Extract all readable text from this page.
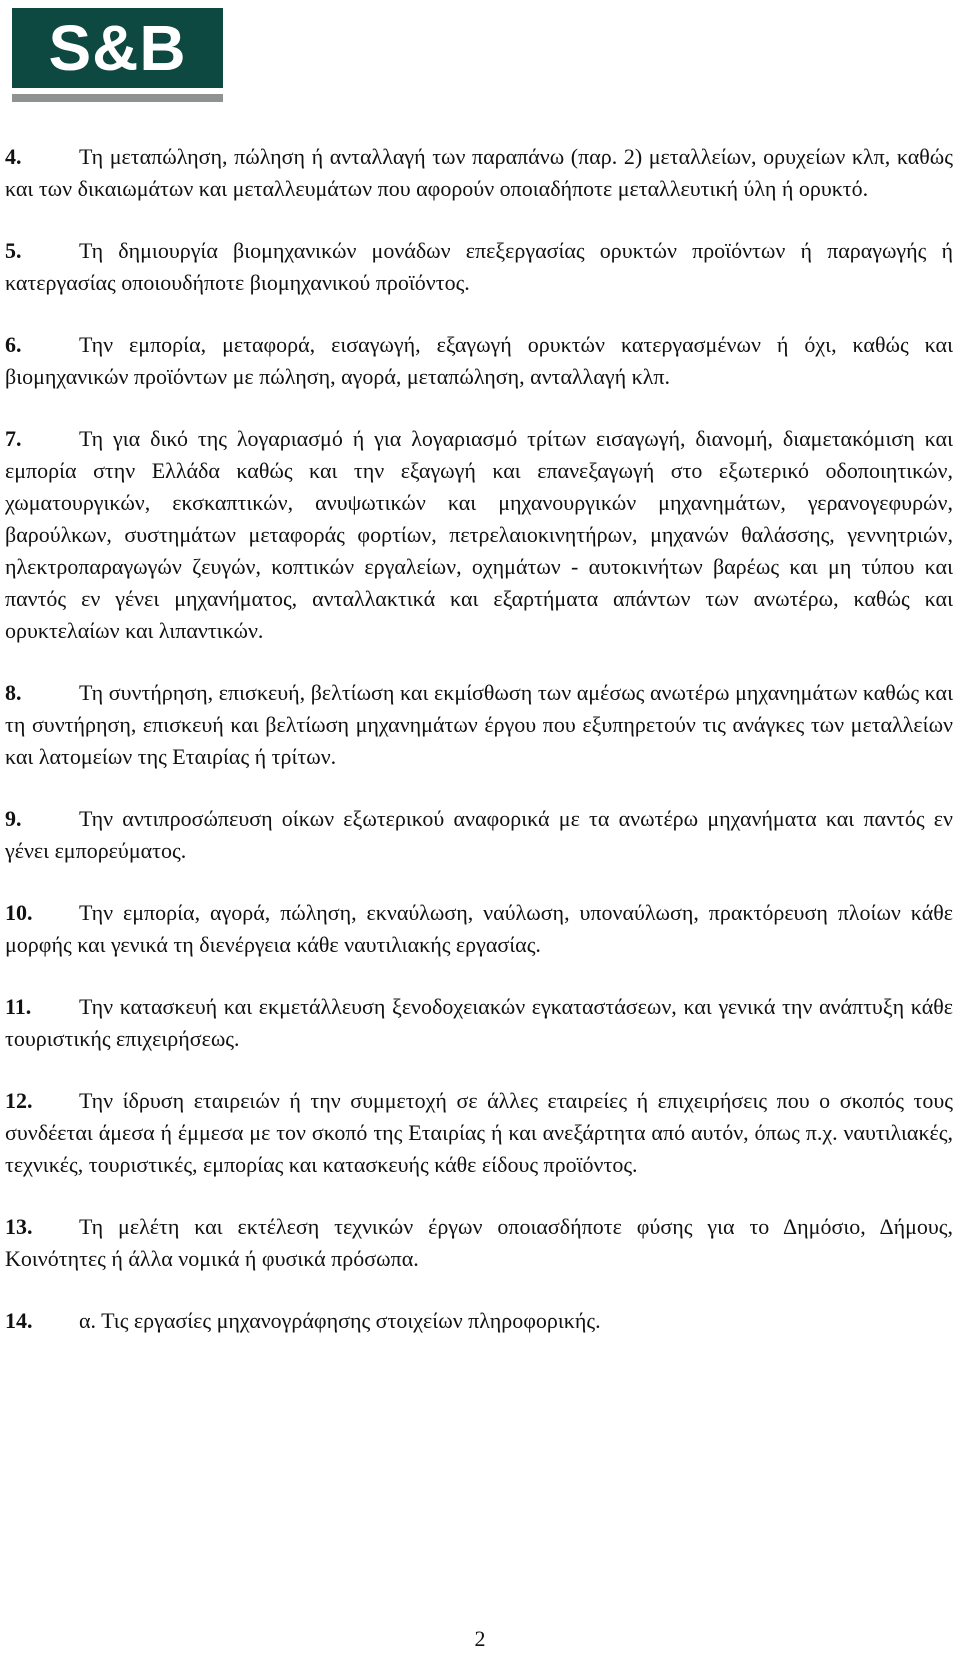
S&B

4.	Τη μεταπώληση, πώληση ή ανταλλαγή των παραπάνω (παρ. 2) μεταλλείων, ορυχείων κλπ, καθώς και των δικαιωμάτων και μεταλλευμάτων που αφορούν οποιαδήποτε μεταλλευτική ύλη ή ορυκτό.

5.	Τη δημιουργία βιομηχανικών μονάδων επεξεργασίας ορυκτών προϊόντων ή παραγωγής ή κατεργασίας οποιουδήποτε βιομηχανικού προϊόντος.

6.	Την εμπορία, μεταφορά, εισαγωγή, εξαγωγή ορυκτών κατεργασμένων ή όχι, καθώς και βιομηχανικών προϊόντων με πώληση, αγορά, μεταπώληση, ανταλλαγή κλπ.

7.	Τη για δικό της λογαριασμό ή για λογαριασμό τρίτων εισαγωγή, διανομή, διαμετακόμιση και εμπορία στην Ελλάδα καθώς και την εξαγωγή και επανεξαγωγή στο εξωτερικό οδοποιητικών, χωματουργικών, εκσκαπτικών, ανυψωτικών και μηχανουργικών μηχανημάτων, γερανογεφυρών, βαρούλκων, συστημάτων μεταφοράς φορτίων, πετρελαιοκινητήρων, μηχανών θαλάσσης, γεννητριών, ηλεκτροπαραγωγών ζευγών, κοπτικών εργαλείων, οχημάτων - αυτοκινήτων βαρέως και μη τύπου και παντός εν γένει μηχανήματος, ανταλλακτικά και εξαρτήματα απάντων των ανωτέρω, καθώς και ορυκτελαίων και λιπαντικών.

8.	Τη συντήρηση, επισκευή, βελτίωση και εκμίσθωση των αμέσως ανωτέρω μηχανημάτων καθώς και τη συντήρηση, επισκευή και βελτίωση μηχανημάτων έργου που εξυπηρετούν τις ανάγκες των μεταλλείων και λατομείων της Εταιρίας ή τρίτων.

9.	Την αντιπροσώπευση οίκων εξωτερικού αναφορικά με τα ανωτέρω μηχανήματα και παντός εν γένει εμπορεύματος.

10. Την εμπορία, αγορά, πώληση, εκναύλωση, ναύλωση, υποναύλωση, πρακτόρευση πλοίων κάθε μορφής και γενικά τη διενέργεια κάθε ναυτιλιακής εργασίας.

11. Την κατασκευή και εκμετάλλευση ξενοδοχειακών εγκαταστάσεων, και γενικά την ανάπτυξη κάθε τουριστικής επιχειρήσεως.

12. Την ίδρυση εταιρειών ή την συμμετοχή σε άλλες εταιρείες ή επιχειρήσεις που ο σκοπός τους συνδέεται άμεσα ή έμμεσα με τον σκοπό της Εταιρίας ή και ανεξάρτητα από αυτόν, όπως π.χ. ναυτιλιακές, τεχνικές, τουριστικές, εμπορίας και κατασκευής κάθε είδους προϊόντος.

13. Τη μελέτη και εκτέλεση τεχνικών έργων οποιασδήποτε φύσης για το Δημόσιο, Δήμους, Κοινότητες ή άλλα νομικά ή φυσικά πρόσωπα.

14. α. Τις εργασίες μηχανογράφησης στοιχείων πληροφορικής.

2
